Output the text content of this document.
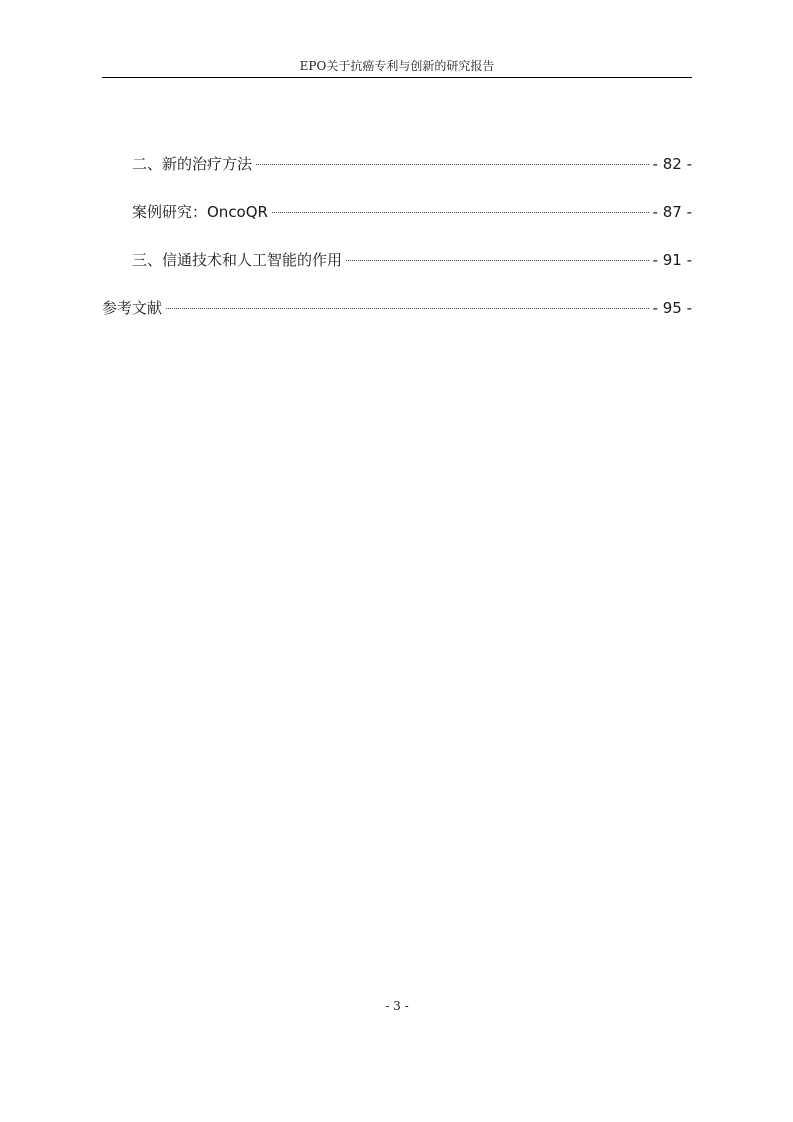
EPO关于抗癌专利与创新的研究报告
二、新的治疗方法	- 82 -
案例研究：OncoQR	- 87 -
三、信通技术和人工智能的作用	- 91 -
参考文献	- 95 -
- 3 -
